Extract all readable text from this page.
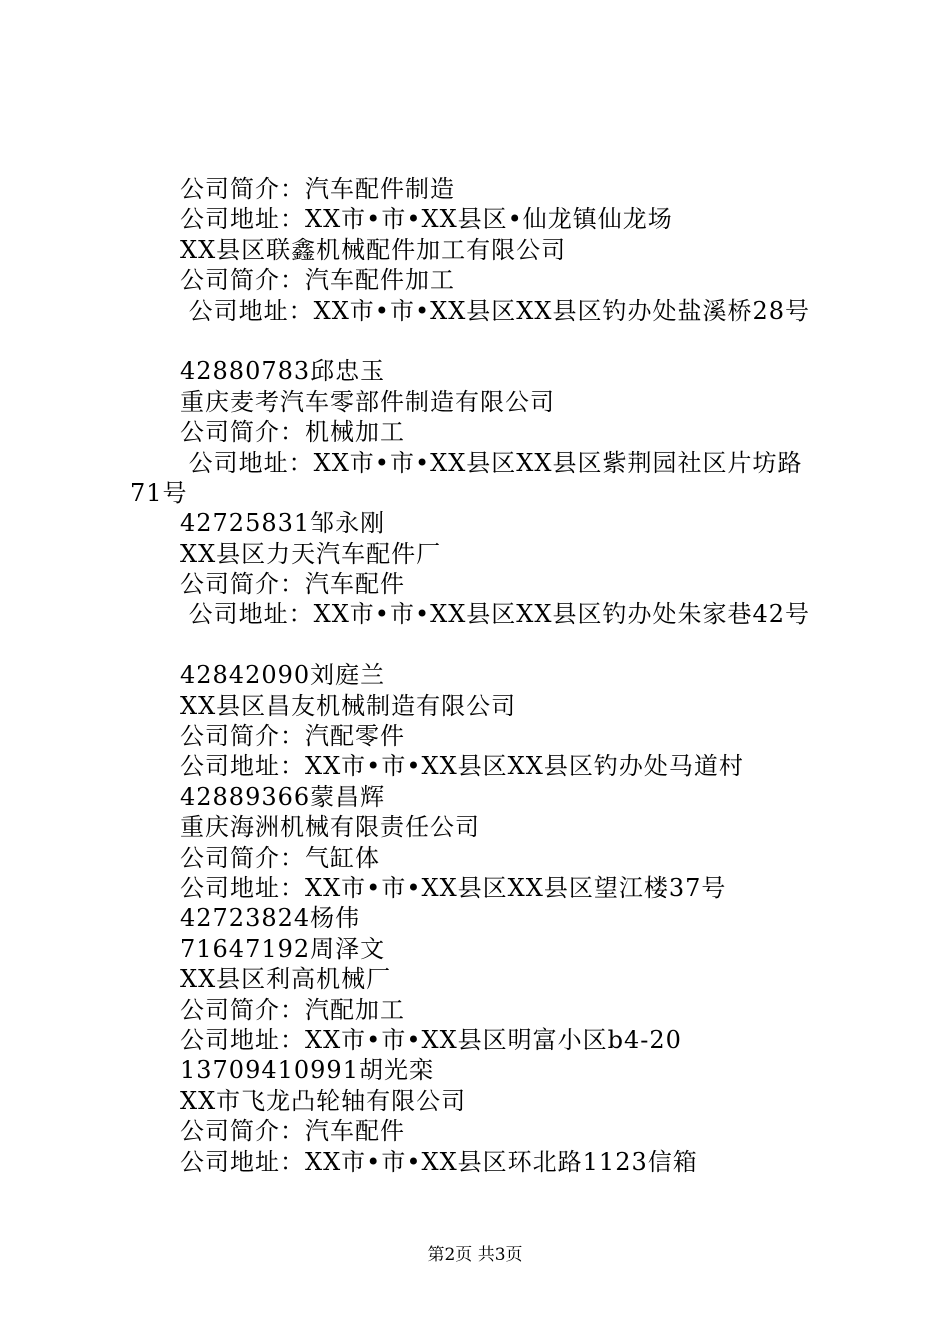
公司简介：汽车配件制造
公司地址：XX市•市•XX县区•仙龙镇仙龙场
XX县区联鑫机械配件加工有限公司
公司简介：汽车配件加工
公司地址：XX市•市•XX县区XX县区钓办处盐溪桥28号
42880783邱忠玉
重庆麦考汽车零部件制造有限公司
公司简介：机械加工
公司地址：XX市•市•XX县区XX县区紫荆园社区片坊路
71号
42725831邹永刚
XX县区力天汽车配件厂
公司简介：汽车配件
公司地址：XX市•市•XX县区XX县区钓办处朱家巷42号
42842090刘庭兰
XX县区昌友机械制造有限公司
公司简介：汽配零件
公司地址：XX市•市•XX县区XX县区钓办处马道村
42889366蒙昌辉
重庆海洲机械有限责任公司
公司简介：气缸体
公司地址：XX市•市•XX县区XX县区望江楼37号
42723824杨伟
71647192周泽文
XX县区利高机械厂
公司简介：汽配加工
公司地址：XX市•市•XX县区明富小区b4-20
13709410991胡光栾
XX市飞龙凸轮轴有限公司
公司简介：汽车配件
公司地址：XX市•市•XX县区环北路1123信箱
第2页 共3页
